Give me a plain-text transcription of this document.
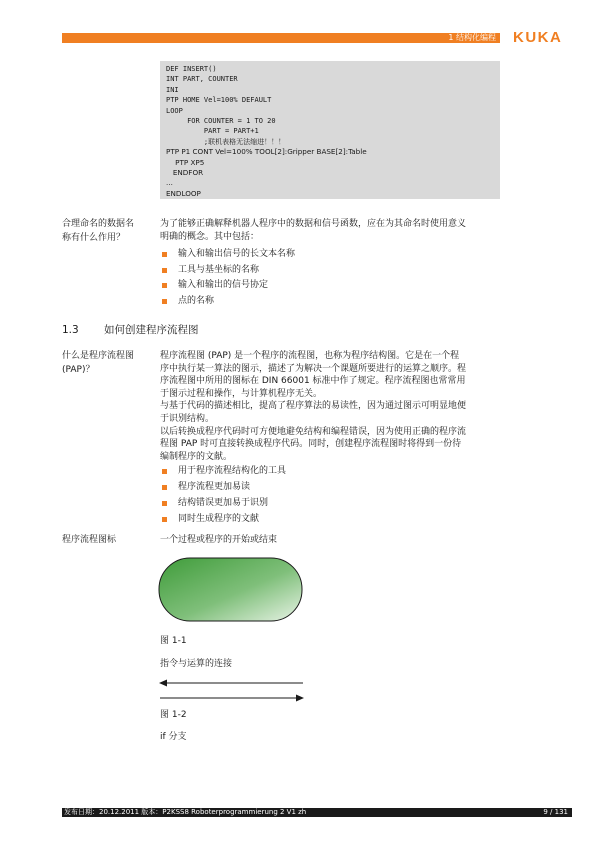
1 结构化编程 KUKA
DEF INSERT()
INT PART, COUNTER
INI
PTP HOME Vel=100% DEFAULT
LOOP
FOR COUNTER = 1 TO 20
PART = PART+1
;联机表格无法缩进！！！
PTP P1 CONT Vel=100% TOOL[2]:Gripper BASE[2]:Table
PTP XP5
ENDFOR
...
ENDLOOP
合理命名的数据名
称有什么作用？
为了能够正确解释机器人程序中的数据和信号函数，应在为其命名时使用意义
明确的概念。其中包括：
输入和输出信号的长文本名称
工具与基坐标的名称
输入和输出的信号协定
点的名称
1.3 如何创建程序流程图
什么是程序流程图
(PAP)？
程序流程图 (PAP) 是一个程序的流程图，也称为程序结构图。它是在一个程
序中执行某一算法的图示，描述了为解决一个课题所要进行的运算之顺序。程
序流程图中所用的图标在 DIN 66001 标准中作了规定。程序流程图也常常用
于图示过程和操作，与计算机程序无关。
与基于代码的描述相比，提高了程序算法的易读性，因为通过图示可明显地便
于识别结构。
以后转换成程序代码时可方便地避免结构和编程错误，因为使用正确的程序流
程图 PAP 时可直接转换成程序代码。同时，创建程序流程图时将得到一份待
编制程序的文献。
用于程序流程结构化的工具
程序流程更加易读
结构错误更加易于识别
同时生成程序的文献
程序流程图标	一个过程或程序的开始或结束
图 1-1
指令与运算的连接
图 1-2
if 分支
发布日期：20.12.2011 版本：P2KSS8 Roboterprogrammierung 2 V1 zh	9 / 131
